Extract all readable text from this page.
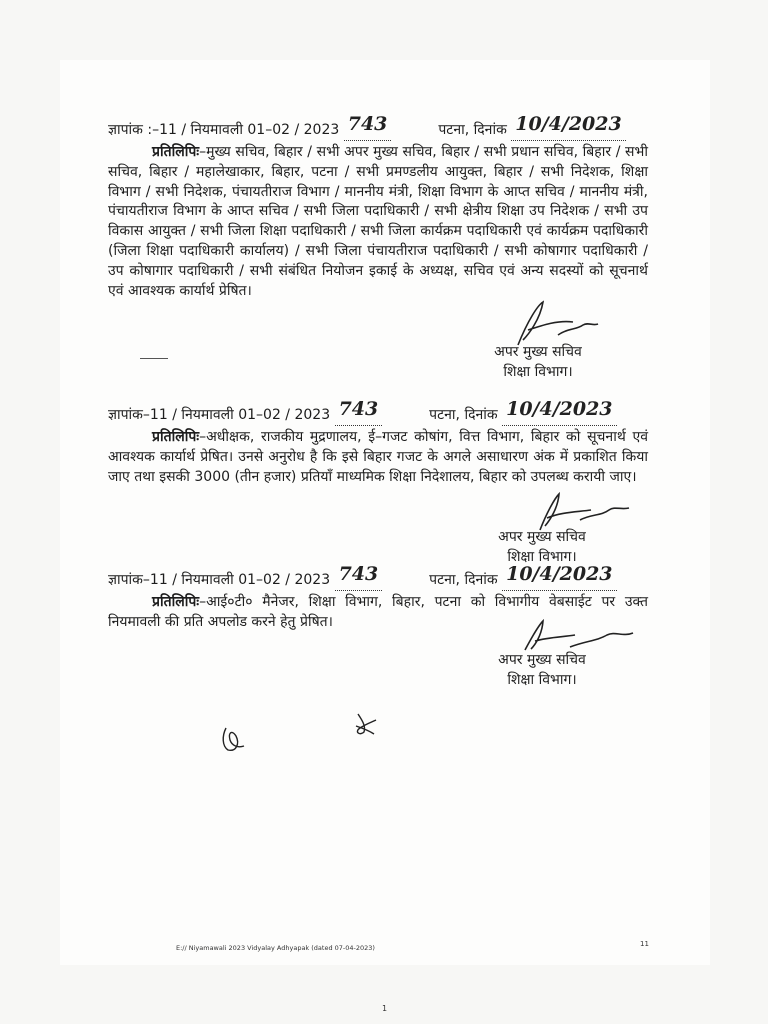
ज्ञापांक :–11 / नियमावली 01–02 / 2023 743	पटना, दिनांक 10/4/2023
प्रतिलिपिः–मुख्य सचिव, बिहार / सभी अपर मुख्य सचिव, बिहार / सभी प्रधान सचिव, बिहार / सभी सचिव, बिहार / महालेखाकार, बिहार, पटना / सभी प्रमण्डलीय आयुक्त, बिहार / सभी निदेशक, शिक्षा विभाग / सभी निदेशक, पंचायतीराज विभाग / माननीय मंत्री, शिक्षा विभाग के आप्त सचिव / माननीय मंत्री, पंचायतीराज विभाग के आप्त सचिव / सभी जिला पदाधिकारी / सभी क्षेत्रीय शिक्षा उप निदेशक / सभी उप विकास आयुक्त / सभी जिला शिक्षा पदाधिकारी / सभी जिला कार्यक्रम पदाधिकारी एवं कार्यक्रम पदाधिकारी (जिला शिक्षा पदाधिकारी कार्यालय) / सभी जिला पंचायतीराज पदाधिकारी / सभी कोषागार पदाधिकारी / उप कोषागार पदाधिकारी / सभी संबंधित नियोजन इकाई के अध्यक्ष, सचिव एवं अन्य सदस्यों को सूचनार्थ एवं आवश्यक कार्यार्थ प्रेषित।
अपर मुख्य सचिव
शिक्षा विभाग।
ज्ञापांक–11 / नियमावली 01–02 / 2023 743	पटना, दिनांक 10/4/2023
प्रतिलिपिः–अधीक्षक, राजकीय मुद्रणालय, ई–गजट कोषांग, वित्त विभाग, बिहार को सूचनार्थ एवं आवश्यक कार्यार्थ प्रेषित। उनसे अनुरोध है कि इसे बिहार गजट के अगले असाधारण अंक में प्रकाशित किया जाए तथा इसकी 3000 (तीन हजार) प्रतियाँ माध्यमिक शिक्षा निदेशालय, बिहार को उपलब्ध करायी जाए।
अपर मुख्य सचिव
शिक्षा विभाग।
ज्ञापांक–11 / नियमावली 01–02 / 2023 743	पटना, दिनांक 10/4/2023
प्रतिलिपिः–आई०टी० मैनेजर, शिक्षा विभाग, बिहार, पटना को विभागीय वेबसाईट पर उक्त नियमावली की प्रति अपलोड करने हेतु प्रेषित।
अपर मुख्य सचिव
शिक्षा विभाग।
E:// Niyamawali 2023 Vidyalay Adhyapak (dated 07-04-2023)	11
1
